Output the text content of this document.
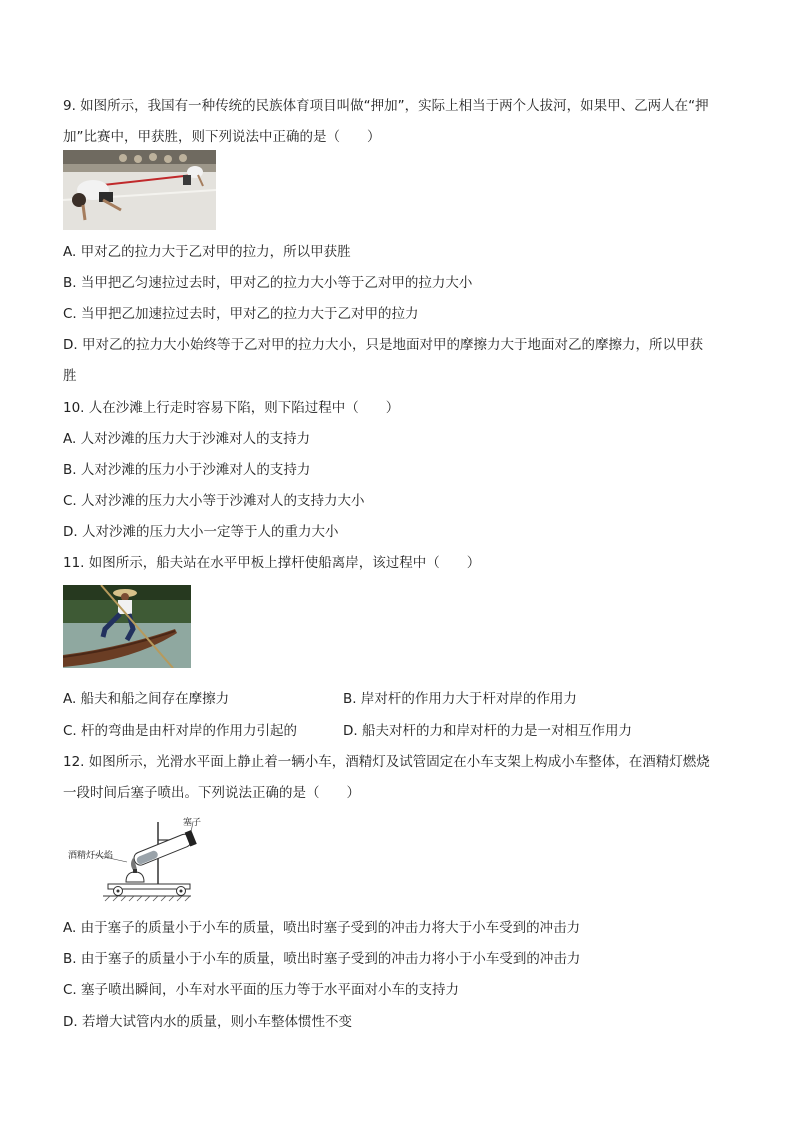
9. 如图所示，我国有一种传统的民族体育项目叫做“押加”，实际上相当于两个人拔河，如果甲、乙两人在“押
加”比赛中，甲获胜，则下列说法中正确的是（　　）
A. 甲对乙的拉力大于乙对甲的拉力，所以甲获胜
B. 当甲把乙匀速拉过去时，甲对乙的拉力大小等于乙对甲的拉力大小
C. 当甲把乙加速拉过去时，甲对乙的拉力大于乙对甲的拉力
D. 甲对乙的拉力大小始终等于乙对甲的拉力大小，只是地面对甲的摩擦力大于地面对乙的摩擦力，所以甲获
胜
10. 人在沙滩上行走时容易下陷，则下陷过程中（　　）
A. 人对沙滩的压力大于沙滩对人的支持力
B. 人对沙滩的压力小于沙滩对人的支持力
C. 人对沙滩的压力大小等于沙滩对人的支持力大小
D. 人对沙滩的压力大小一定等于人的重力大小
11. 如图所示，船夫站在水平甲板上撑杆使船离岸，该过程中（　　）
A. 船夫和船之间存在摩擦力	B. 岸对杆的作用力大于杆对岸的作用力
C. 杆的弯曲是由杆对岸的作用力引起的	D. 船夫对杆的力和岸对杆的力是一对相互作用力
12. 如图所示，光滑水平面上静止着一辆小车，酒精灯及试管固定在小车支架上构成小车整体，在酒精灯燃烧
一段时间后塞子喷出。下列说法正确的是（　　）
塞子
酒精灯火焰
A. 由于塞子的质量小于小车的质量，喷出时塞子受到的冲击力将大于小车受到的冲击力
B. 由于塞子的质量小于小车的质量，喷出时塞子受到的冲击力将小于小车受到的冲击力
C. 塞子喷出瞬间，小车对水平面的压力等于水平面对小车的支持力
D. 若增大试管内水的质量，则小车整体惯性不变
